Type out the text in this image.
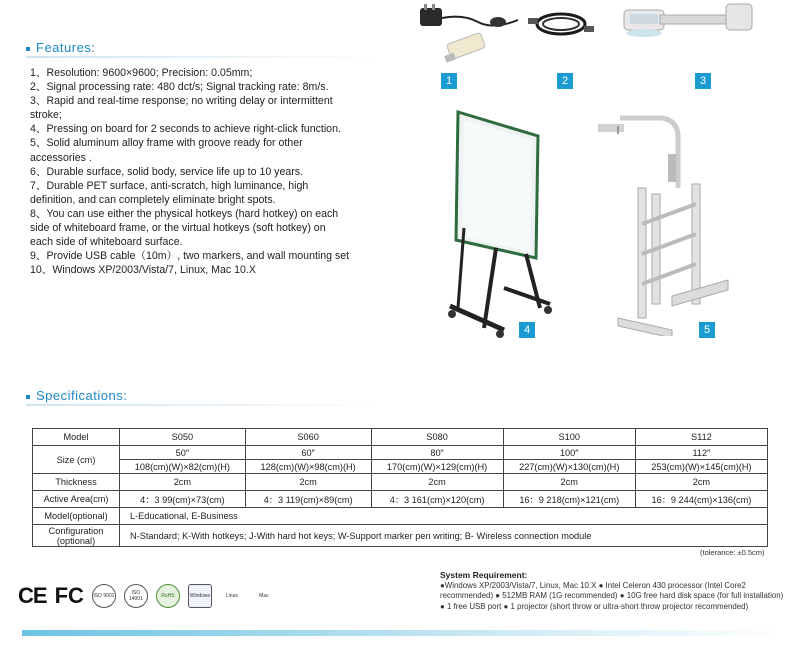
Features:
1、Resolution: 9600×9600; Precision: 0.05mm;
2、Signal processing rate: 480 dct/s; Signal tracking rate: 8m/s.
3、Rapid and real-time response; no writing delay or intermittent stroke;
4、Pressing on board for 2 seconds to achieve right-click function.
5、Solid aluminum alloy frame with groove ready for other accessories .
6、Durable surface, solid body, service life up to 10 years.
7、Durable PET surface, anti-scratch, high luminance, high definition, and can completely eliminate bright spots.
8、You can use either the physical hotkeys (hard hotkey) on each side of whiteboard frame, or the virtual hotkeys (soft hotkey) on each side of whiteboard surface.
9、Provide USB cable（10m）, two markers, and wall mounting set
10、Windows XP/2003/Vista/7, Linux, Mac 10.X
1	2	3
4	5
Specifications:
Model	S050	S060	S080	S100	S112
Size (cm)	50″	60″	80″	100″	112″
	108(cm)(W)×82(cm)(H)	128(cm)(W)×98(cm)(H)	170(cm)(W)×129(cm)(H)	227(cm)(W)×130(cm)(H)	253(cm)(W)×145(cm)(H)
Thickness	2cm	2cm	2cm	2cm	2cm
Active Area(cm)	4：3 99(cm)×73(cm)	4：3 119(cm)×89(cm)	4：3 161(cm)×120(cm)	16：9 218(cm)×121(cm)	16：9 244(cm)×136(cm)
Model(optional)	L-Educational, E-Business				
Configuration (optional)	N-Standard; K-With hotkeys; J-With hard hot keys; W-Support marker pen writing; B- Wireless connection module				
(tolerance: ±0.5cm)
CE FC ISO 9001	ISO 14001	RoHS	Windows	Linux	Mac
System Requirement:
●Windows XP/2003/Vista/7, Linux, Mac 10.X ● Intel Celeron 430 processor (Intel Core2 recommended) ● 512MB RAM (1G recommended) ● 10G free hard disk space (for full installation) ● 1 free USB port ● 1 projector (short throw or ultra-short throw projector recommended)
